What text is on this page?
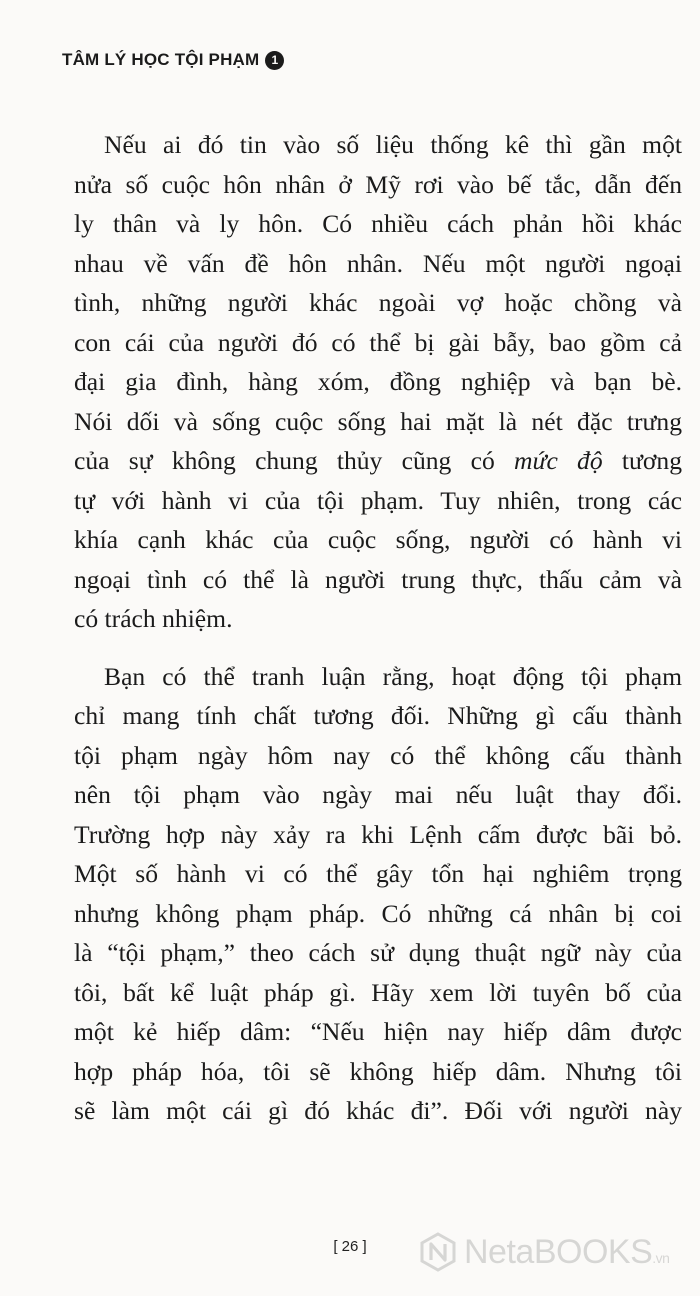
TÂM LÝ HỌC TỘI PHẠM	1
Nếu ai đó tin vào số liệu thống kê thì gần một
nửa số cuộc hôn nhân ở Mỹ rơi vào bế tắc, dẫn đến
ly thân và ly hôn. Có nhiều cách phản hồi khác
nhau về vấn đề hôn nhân. Nếu một người ngoại
tình, những người khác ngoài vợ hoặc chồng và
con cái của người đó có thể bị gài bẫy, bao gồm cả
đại gia đình, hàng xóm, đồng nghiệp và bạn bè.
Nói dối và sống cuộc sống hai mặt là nét đặc trưng
của sự không chung thủy cũng có mức độ tương
tự với hành vi của tội phạm. Tuy nhiên, trong các
khía cạnh khác của cuộc sống, người có hành vi
ngoại tình có thể là người trung thực, thấu cảm và
có trách nhiệm.
Bạn có thể tranh luận rằng, hoạt động tội phạm
chỉ mang tính chất tương đối. Những gì cấu thành
tội phạm ngày hôm nay có thể không cấu thành
nên tội phạm vào ngày mai nếu luật thay đổi.
Trường hợp này xảy ra khi Lệnh cấm được bãi bỏ.
Một số hành vi có thể gây tổn hại nghiêm trọng
nhưng không phạm pháp. Có những cá nhân bị coi
là “tội phạm,” theo cách sử dụng thuật ngữ này của
tôi, bất kể luật pháp gì. Hãy xem lời tuyên bố của
một kẻ hiếp dâm: “Nếu hiện nay hiếp dâm được
hợp pháp hóa, tôi sẽ không hiếp dâm. Nhưng tôi
sẽ làm một cái gì đó khác đi”. Đối với người này
[ 26 ]	NetaBOOKS.vn
